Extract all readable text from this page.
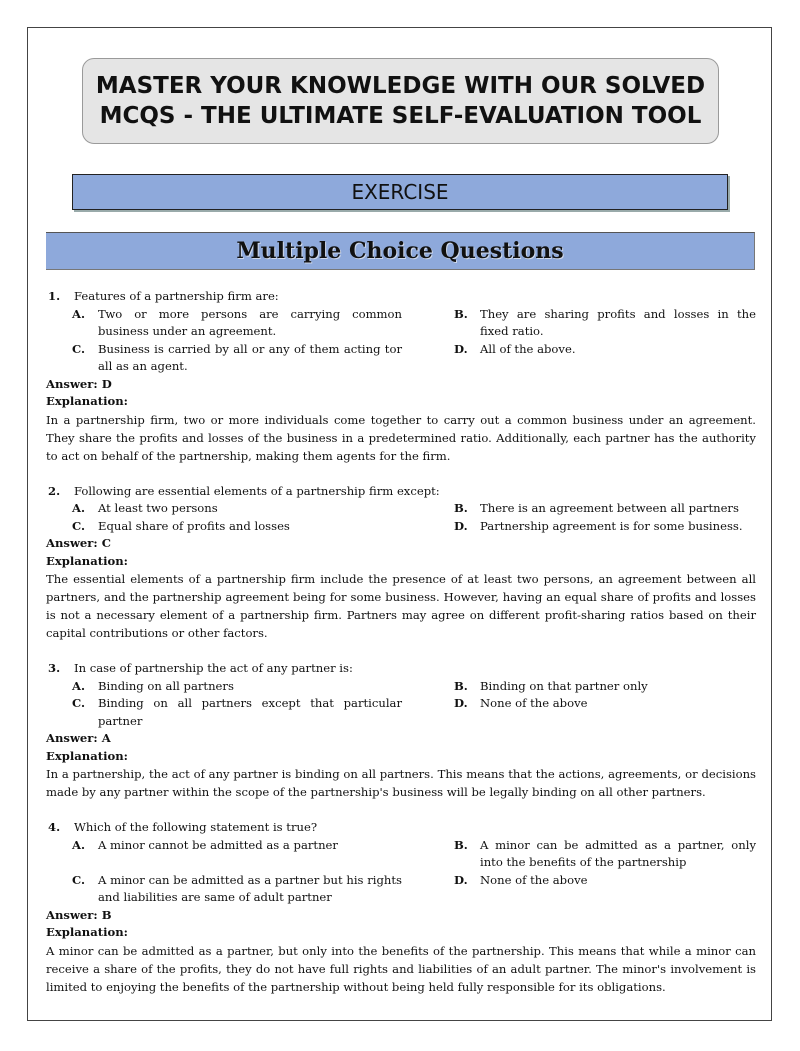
MASTER YOUR KNOWLEDGE WITH OUR SOLVED
MCQS - THE ULTIMATE SELF-EVALUATION TOOL
EXERCISE
Multiple Choice Questions
1.	Features of a partnership firm are:
A.	Two or more persons are carrying common business under an agreement.
B.	They are sharing profits and losses in the fixed ratio.
C.	Business is carried by all or any of them acting tor all as an agent.
D.	All of the above.
Answer: D
Explanation:
In a partnership firm, two or more individuals come together to carry out a common business under an agreement. They share the profits and losses of the business in a predetermined ratio. Additionally, each partner has the authority to act on behalf of the partnership, making them agents for the firm.
2.	Following are essential elements of a partnership firm except:
A.	At least two persons	B.	There is an agreement between all partners
C.	Equal share of profits and losses	D.	Partnership agreement is for some business.
Answer: C
Explanation:
The essential elements of a partnership firm include the presence of at least two persons, an agreement between all partners, and the partnership agreement being for some business. However, having an equal share of profits and losses is not a necessary element of a partnership firm. Partners may agree on different profit-sharing ratios based on their capital contributions or other factors.
3.	In case of partnership the act of any partner is:
A.	Binding on all partners	B.	Binding on that partner only
C.	Binding on all partners except that particular partner
D.	None of the above
Answer: A
Explanation:
In a partnership, the act of any partner is binding on all partners. This means that the actions, agreements, or decisions made by any partner within the scope of the partnership's business will be legally binding on all other partners.
4.	Which of the following statement is true?
A.	A minor cannot be admitted as a partner	B.	A minor can be admitted as a partner, only into the benefits of the partnership
C.	A minor can be admitted as a partner but his rights and liabilities are same of adult partner
D.	None of the above
Answer: B
Explanation:
A minor can be admitted as a partner, but only into the benefits of the partnership. This means that while a minor can receive a share of the profits, they do not have full rights and liabilities of an adult partner. The minor's involvement is limited to enjoying the benefits of the partnership without being held fully responsible for its obligations.
